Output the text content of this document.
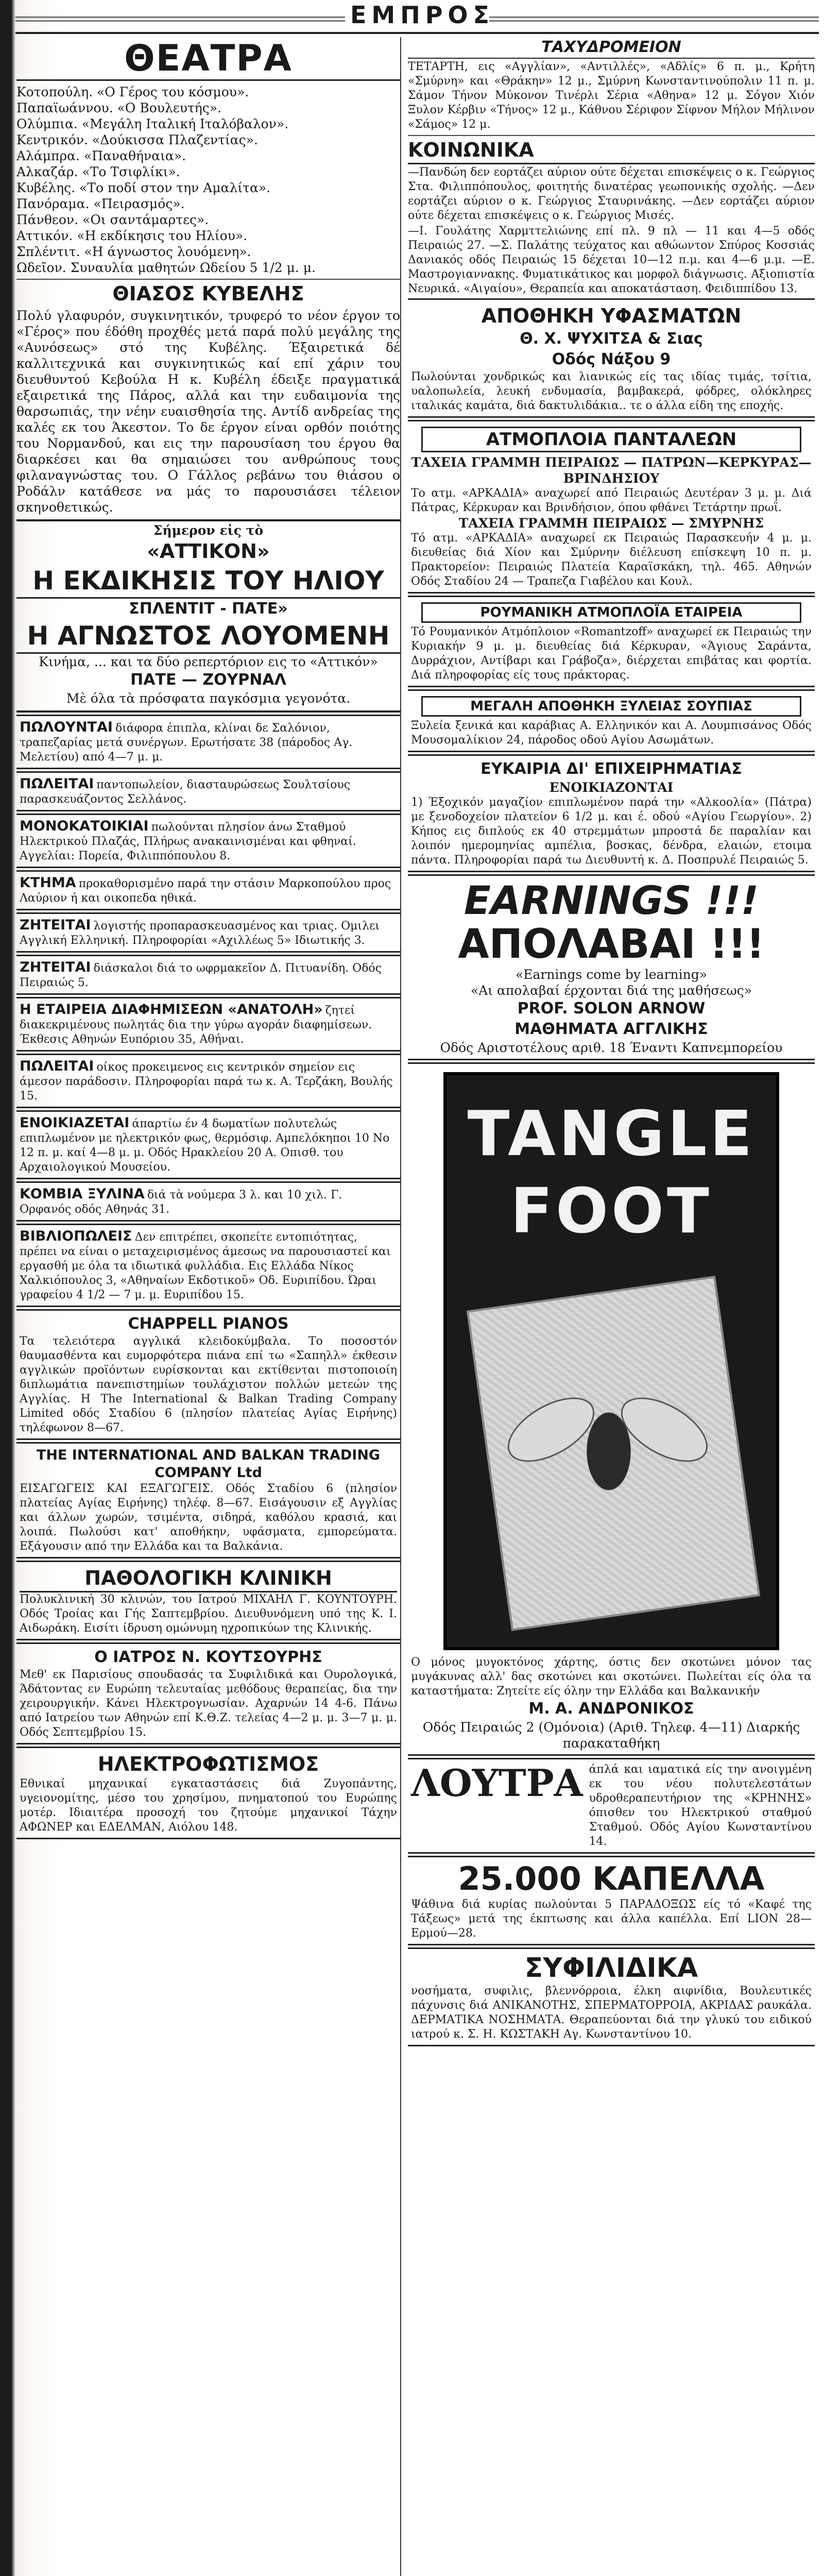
ΕΜΠΡΟΣ
ΘΕΑΤΡΑ
Κοτοπούλη. «Ο Γέρος του κόσμου».
Παπαϊωάννου. «Ο Βουλευτής».
Ολύμπια. «Μεγάλη Ιταλική Ιταλόβαλον».
Κεντρικόν. «Δούκισσα Πλαζεντίας».
Αλάμπρα. «Παναθήναια».
Αλκαζάρ. «Το Τσιφλίκι».
Κυβέλης. «Το ποδί στον την Αμαλίτα».
Πανόραμα. «Πειρασμός».
Πάνθεον. «Οι σαντάμαρτες».
Αττικόν. «Η εκδίκησις του Ηλίου».
Σπλέντιτ. «Η άγνωστος λουόμενη».
Ωδεῖον. Συναυλία μαθητών Ωδείου 5 1/2 μ. μ.
ΘΙΑΣΟΣ ΚΥΒΕΛΗΣ
Πολύ γλαφυρόν, συγκινητικόν, τρυφερό το νέον έργον το «Γέρος» που έδόθη προχθές μετά παρά πολύ μεγάλης της «Αυνόσεως» στό της Κυβέλης. Έξαιρετικά δέ καλλιτεχνικά και συγκινητικώς καί επί χάριν του διευθυντού Κεβούλα Η κ. Κυβέλη έδειξε πραγματικά εξαιρετικά της Πάρος, αλλά και την ευδαιμονία της θαρσωπιάς, την νέην ευαισθησία της. Αντίδ ανδρείας της καλές εκ του Άκεστον. Το δε έργον είναι ορθόν ποιότης του Νορμανδού, και εις την παρουσίαση του έργου θα διαρκέσει και θα σημαιώσει του ανθρώπους τους φιλαναγνώστας του. Ο Γάλλος ρεβάνω του θιάσου ο Ροδάλν κατάθεσε να μάς το παρουσιάσει τέλειον σκηνοθετικώς.
Σήμερον εἰς τὸ
«ΑΤΤΙΚΟΝ»
Η ΕΚΔΙΚΗΣΙΣ ΤΟΥ ΗΛΙΟΥ
ΣΠΛΕΝΤΙΤ - ΠΑΤΕ»
Η ΑΓΝΩΣΤΟΣ ΛΟΥΟΜΕΝΗ
Κινήμα, ... και τα δύο ρεπερτόριον εις το «Αττικόν»
ΠΑΤΕ — ΖΟΥΡΝΑΛ
Μὲ όλα τὰ πρόσφατα παγκόσμια γεγονότα.
ΠΩΛΟΥΝΤΑΙ διάφορα έπιπλα, κλίναι δε Σαλόνιον, τραπεζαρίας μετά συνέργων. Ερωτήσατε 38 (πάροδος Αγ. Μελετίου) από 4—7 μ. μ.
ΠΩΛΕΙΤΑΙ παντοπωλείον, διασταυρώσεως Σουλτσίους παρασκευάζοντος Σελλάνος.
ΜΟΝΟΚΑΤΟΙΚΙΑΙ πωλούνται πλησίον άνω Σταθμού Ηλεκτρικού Πλαζάς, Πλήρως ανακαινισμέναι και φθηναί. Αγγελίαι: Πορεία, Φιλιππόπουλου 8.
ΚΤΗΜΑ προκαθορισμένο παρά την στάσιν Μαρκοπούλου προς Λαύριον ή και οικοπεδα ηθικά.
ΖΗΤΕΙΤΑΙ λογιστής προπαρασκευασμένος και τριας. Ομιλει Αγγλική Ελληνική. Πληροφορίαι «Αχιλλέως 5» Ιδιωτικής 3.
ΖΗΤΕΙΤΑΙ διάσκαλοι διά το ωφρμακεῖον Δ. Πιτυανίδη. Οδός Πειραιώς 5.
Η ΕΤΑΙΡΕΙΑ ΔΙΑΦΗΜΙΣΕΩΝ «ΑΝΑΤΟΛΗ» ζητεί διακεκριμένους πωλητάς δια την γύρω αγοράν διαφημίσεων. Έκθεσις Αθηνών Ευπόριου 35, Αθήναι.
ΠΩΛΕΙΤΑΙ οίκος προκειμενος εις κεντρικόν σημείον εις άμεσον παράδοσιν. Πληροφορίαι παρά τω κ. Α. Τερζάκη, Βουλής 15.
ΕΝΟΙΚΙΑΖΕΤΑΙ άπαρτίω έν 4 δωματίων πολυτελώς επιπλωμένον με ηλεκτρικόν φως, θερμόσιφ. Αμπελόκηποι 10 Νο 12 π. μ. καί 4—8 μ. μ. Οδός Ηρακλείου 20 Α. Οπισθ. του Αρχαιολογικού Μουσείου.
ΚΟΜΒΙΑ ΞΥΛΙΝΑ διά τὰ νούμερα 3 λ. και 10 χιλ. Γ. Ορφανός οδός Αθηνάς 31.
ΒΙΒΛΙΟΠΩΛΕΙΣ Δεν επιτρέπει, σκοπείτε εντοπιότητας, πρέπει να είναι ο μεταχειρισμένος άμεσως να παρουσιαστεί και εργασθή με όλα τα ιδιωτικά φυλλάδια. Εις Ελλάδα Νίκος Χαλκιόπουλος 3, «Αθηναίων Εκδοτικοῦ» Οδ. Ευριπίδου. Ώραι γραφείου 4 1/2 — 7 μ. μ. Ευριπίδου 15.
CHAPPELL PIANOS
Τα τελειότερα αγγλικά κλειδοκύμβαλα. Το ποσοστόν θαυμασθέντα και ευμορφότερα πιάνα επί τω «Σαπηλλ» έκθεσιν αγγλικών προϊόντων ευρίσκονται και εκτίθενται πιστοποιοίη διπλωμάτια πανεπιστημίων τουλάχιστον πολλών μετεών της Αγγλίας. Η The International & Balkan Trading Company Limited οδός Σταδίου 6 (πλησίον πλατείας Αγίας Ειρήνης) τηλέφωνον 8—67.
THE INTERNATIONAL AND BALKAN TRADING COMPANY Ltd
ΕΙΣΑΓΩΓΕΙΣ ΚΑΙ ΕΞΑΓΩΓΕΙΣ. Οδός Σταδίου 6 (πλησίον πλατείας Αγίας Ειρήνης) τηλέφ. 8—67. Εισάγουσιν εξ Αγγλίας και άλλων χωρών, τσιμέντα, σιδηρά, καθόλου κρασιά, και λοιπά. Πωλούσι κατ' αποθήκην, υφάσματα, εμπορεύματα. Εξάγουσιν από την Ελλάδα και τα Βαλκάνια.
ΠΑΘΟΛΟΓΙΚΗ ΚΛΙΝΙΚΗ
Πολυκλινική 30 κλινών, του Ιατρού ΜΙΧΑΗΛ Γ. ΚΟΥΝΤΟΥΡΗ. Οδός Τροίας και Γής Σαπτεμβρίου. Διευθυνόμενη υπό της Κ. Ι. Αιδωράκη. Εισίτι ίδρυση ομώνυμη ηχροπικύων της Κλινικής.
Ο ΙΑΤΡΟΣ Ν. ΚΟΥΤΣΟΥΡΗΣ
Μεθ' εκ Παρισίους σπουδασάς τα Συφιλιδικά και Ουρολογικά, Άδάτοντας εν Ευρώπη τελευταίας μεθόδους θεραπείας, δια την χειρουργικήν. Κάνει Ηλεκτρογνωσίαν. Αχαρνών 14 4-6. Πάνω από Ιατρείου των Αθηνών επί Κ.Θ.Ζ. τελείας 4—2 μ. μ. 3—7 μ. μ. Οδός Σεπτεμβρίου 15.
ΗΛΕΚΤΡΟΦΩΤΙΣΜΟΣ
Εθνικαί μηχανικαί εγκαταστάσεις διά Ζυγοπάντης, υγειονομίτης, μέσο του χρησίμου, πνηματοπού του Ευρώπης μοτέρ. Ιδιαιτέρα προσοχή του ζητούμε μηχανικοί Τάχην ΑΦΩΝΕΡ και ΕΔΕΛΜΑΝ, Αιόλου 148.
ΤΑΧΥΔΡΟΜΕΙΟΝ
ΤΕΤΑΡΤΗ, εις «Αγγλίαν», «Αντιλλές», «Αδλίς» 6 π. μ., Κρήτη «Σμύρνη» και «Θράκην» 12 μ., Σμύρνη Κωνσταντινούπολιν 11 π. μ. Σάμον Τήνον Μύκονον Τινέρλι Σέρια «Αθηνα» 12 μ. Σόγον Χιόν Ξυλον Κέρβιν «Τήνος» 12 μ., Κάθνου Σέριφον Σίφνον Μήλον Μήλινον «Σάμος» 12 μ.
ΚΟΙΝΩΝΙΚΑ
—Πανδώη δεν εορτάζει αύριον ούτε δέχεται επισκέψεις ο κ. Γεώργιος Στα. Φιλιππόπουλος, φοιτητής δινατέρας γεωπονικής σχολής. —Δεν εορτάζει αύριον ο κ. Γεώργιος Σταυρινάκης. —Δεν εορτάζει αύριον ούτε δέχεται επισκέψεις ο κ. Γεώργιος Μισές.
—Ι. Γουλάτης Χαρμττελιώνης επί πλ. 9 πλ — 11 και 4—5 οδός Πειραιώς 27. —Σ. Παλάτης τεύχατος και αθώωντον Σπύρος Κοσσιάς Δανιακός οδός Πειραιώς 15 δέχεται 10—12 π.μ. και 4—6 μ.μ. —Ε. Μαστρογιαννακης. Φυματικάτικος και μορφολ διάγνωσις. Αξιοπιστία Νευρικά. «Αιγαίου», Θεραπεία και αποκατάσταση. Φειδιππίδου 13.
ΑΠΟΘΗΚΗ ΥΦΑΣΜΑΤΩΝ
Θ. Χ. ΨΥΧΙΤΣΑ & Σιας
Οδός Νάξου 9
Πωλούνται χονδρικώς και λιανικώς είς τας ιδίας τιμάς, τσίτια, υαλοπωλεία, λευκή ενδυμασία, βαμβακερά, φόδρες, ολόκληρες ιταλικάς καμάτα, διά δακτυλιδάκια.. τε ο άλλα είδη της εποχής.
ΑΤΜΟΠΛΟΙΑ ΠΑΝΤΑΛΕΩΝ
ΤΑΧΕΙΑ ΓΡΑΜΜΗ ΠΕΙΡΑΙΩΣ — ΠΑΤΡΩΝ—ΚΕΡΚΥΡΑΣ—ΒΡΙΝΔΗΣΙΟΥ
Το ατμ. «ΑΡΚΑΔΙΑ» αναχωρεί από Πειραιώς Δευτέραν 3 μ. μ. Διά Πάτρας, Κέρκυραν και Βρινδήσιον, όπου φθάνει Τετάρτην πρωΐ.
ΤΑΧΕΙΑ ΓΡΑΜΜΗ ΠΕΙΡΑΙΩΣ — ΣΜΥΡΝΗΣ
Τό ατμ. «ΑΡΚΑΔΙΑ» αναχωρεί εκ Πειραιώς Παρασκευήν 4 μ. μ. διευθείας διά Χίον και Σμύρνην διέλευση επίσκεψη 10 π. μ. Πρακτορείον: Πειραιώς Πλατεία Καραϊσκάκη, τηλ. 465. Αθηνών Οδός Σταδίου 24 — Τραπεζα Γιαβέλου και Κουλ.
ΡΟΥΜΑΝΙΚΗ ΑΤΜΟΠΛΟΪΑ ΕΤΑΙΡΕΙΑ
Τό Ρουμανικόν Ατμόπλοιον «Romantzoff» αναχωρεί εκ Πειραιώς την Κυριακήν 9 μ. μ. διευθείας διά Κέρκυραν, «Άγιους Σαράντα, Δυρράχιον, Αντίβαρι και Γράβοζα», διέρχεται επιβάτας και φορτία. Διά πληροφορίας είς τους πράκτορας.
ΜΕΓΑΛΗ ΑΠΟΘΗΚΗ ΞΥΛΕΙΑΣ ΣΟΥΠΙΑΣ
Ξυλεία ξενικά και καράβιας Α. Ελληνικόν και Α. Λουμπισάνος Οδός Μουσομαλίκιον 24, πάροδος οδού Αγίου Ασωμάτων.
ΕΥΚΑΙΡΙΑ ΔΙ' ΕΠΙΧΕΙΡΗΜΑΤΙΑΣ
ΕΝΟΙΚΙΑΖΟΝΤΑΙ
1) Έξοχικόν μαγαζίον επιπλωμένον παρά την «Αλκοολία» (Πάτρα) με ξενοδοχείον πλατείον 6 1/2 μ. και έ. οδού «Αγίου Γεωργίου». 2) Κήπος εις διπλούς εκ 40 στρεμμάτων μπροστά δε παραλίαν και λοιπόν ημερομηνίας αμπέλια, βοσκας, δένδρα, ελαιών, ετοιμα πάντα. Πληροφορίαι παρά τω Διευθυντή κ. Δ. Ποσπρυλέ Πειραιώς 5.
EARNINGS !!!
ΑΠΟΛΑΒΑΙ !!!
«Earnings come by learning»
«Αι απολαβαί έρχονται διά της μαθήσεως»
PROF. SOLON ARNOW
ΜΑΘΗΜΑΤΑ ΑΓΓΛΙΚΗΣ
Οδός Αριστοτέλους αριθ. 18 Έναντι Καπνεμπορείου
TANGLE
FOOT
Ο μόνος μυγοκτόνος χάρτης, όστις δεν σκοτώνει μόνον τας μυγάκυνας αλλ' δας σκοτώνει και σκοτώνει. Πωλείται είς όλα τα καταστήματα: Ζητείτε είς όλην την Ελλάδα και Βαλκανικήν
Μ. Α. ΑΝΔΡΟΝΙΚΟΣ
Οδός Πειραιώς 2 (Ομόνοια) (Αριθ. Τηλεφ. 4—11) Διαρκής παρακαταθήκη
ΛΟΥΤΡΑ άπλά και ιαματικά είς την ανοιγμένη εκ του νέου πολυτελεστάτων υδροθεραπευτήριον της «ΚΡΗΝΗΣ» όπισθεν του Ηλεκτρικού σταθμού Σταθμού. Οδός Αγίου Κωνσταντίνου 14.
25.000 ΚΑΠΕΛΛΑ
Ψάθινα διά κυρίας πωλούνται 5 ΠΑΡΑΔΟΞΩΣ είς τό «Καφέ της Τάξεως» μετά της έκπτωσης και άλλα καπέλλα. Επί LION 28—Ερμού—28.
ΣΥΦΙΛΙΔΙΚΑ
νοσήματα, συφιλις, βλεννόρροια, έλκη αιφνίδια, Βουλευτικές πάχυνσις διά ΑΝΙΚΑΝΟΤΗΣ, ΣΠΕΡΜΑΤΟΡΡΟΙΑ, ΑΚΡΙΔΑΣ ραυκάλα. ΔΕΡΜΑΤΙΚΑ ΝΟΣΗΜΑΤΑ. Θεραπεύονται διά την γλυκύ του ειδικού ιατρού κ. Σ. Η. ΚΩΣΤΑΚΗ Αγ. Κωνσταντίνου 10.
